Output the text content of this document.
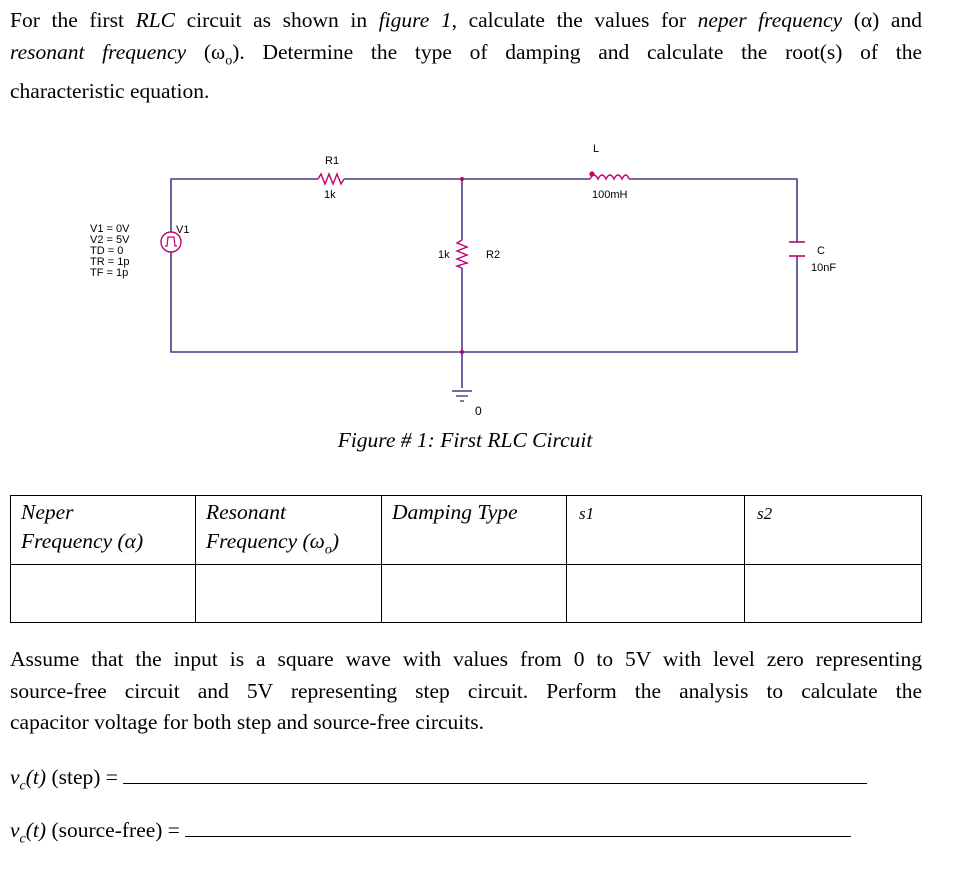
For the first RLC circuit as shown in figure 1, calculate the values for neper frequency (α) and
resonant frequency $(\omega_o)$. Determine the type of damping and calculate the root(s) of the
characteristic equation.
R1
1k
L
100mH
1k	R2	C
10nF
V1
V1 = 0V
V2 = 5V
TD = 0
TR = 1p
TF = 1p
0
Figure # 1: First RLC Circuit
Neper
Frequency (α)	Resonant
Frequency $(\omega_o)$	Damping Type	s1	s2

Assume that the input is a square wave with values from 0 to 5V with level zero representing
source-free circuit and 5V representing step circuit. Perform the analysis to calculate the
capacitor voltage for both step and source-free circuits.
$v_c(t)$ (step) =
$v_c(t)$ (source-free) =
